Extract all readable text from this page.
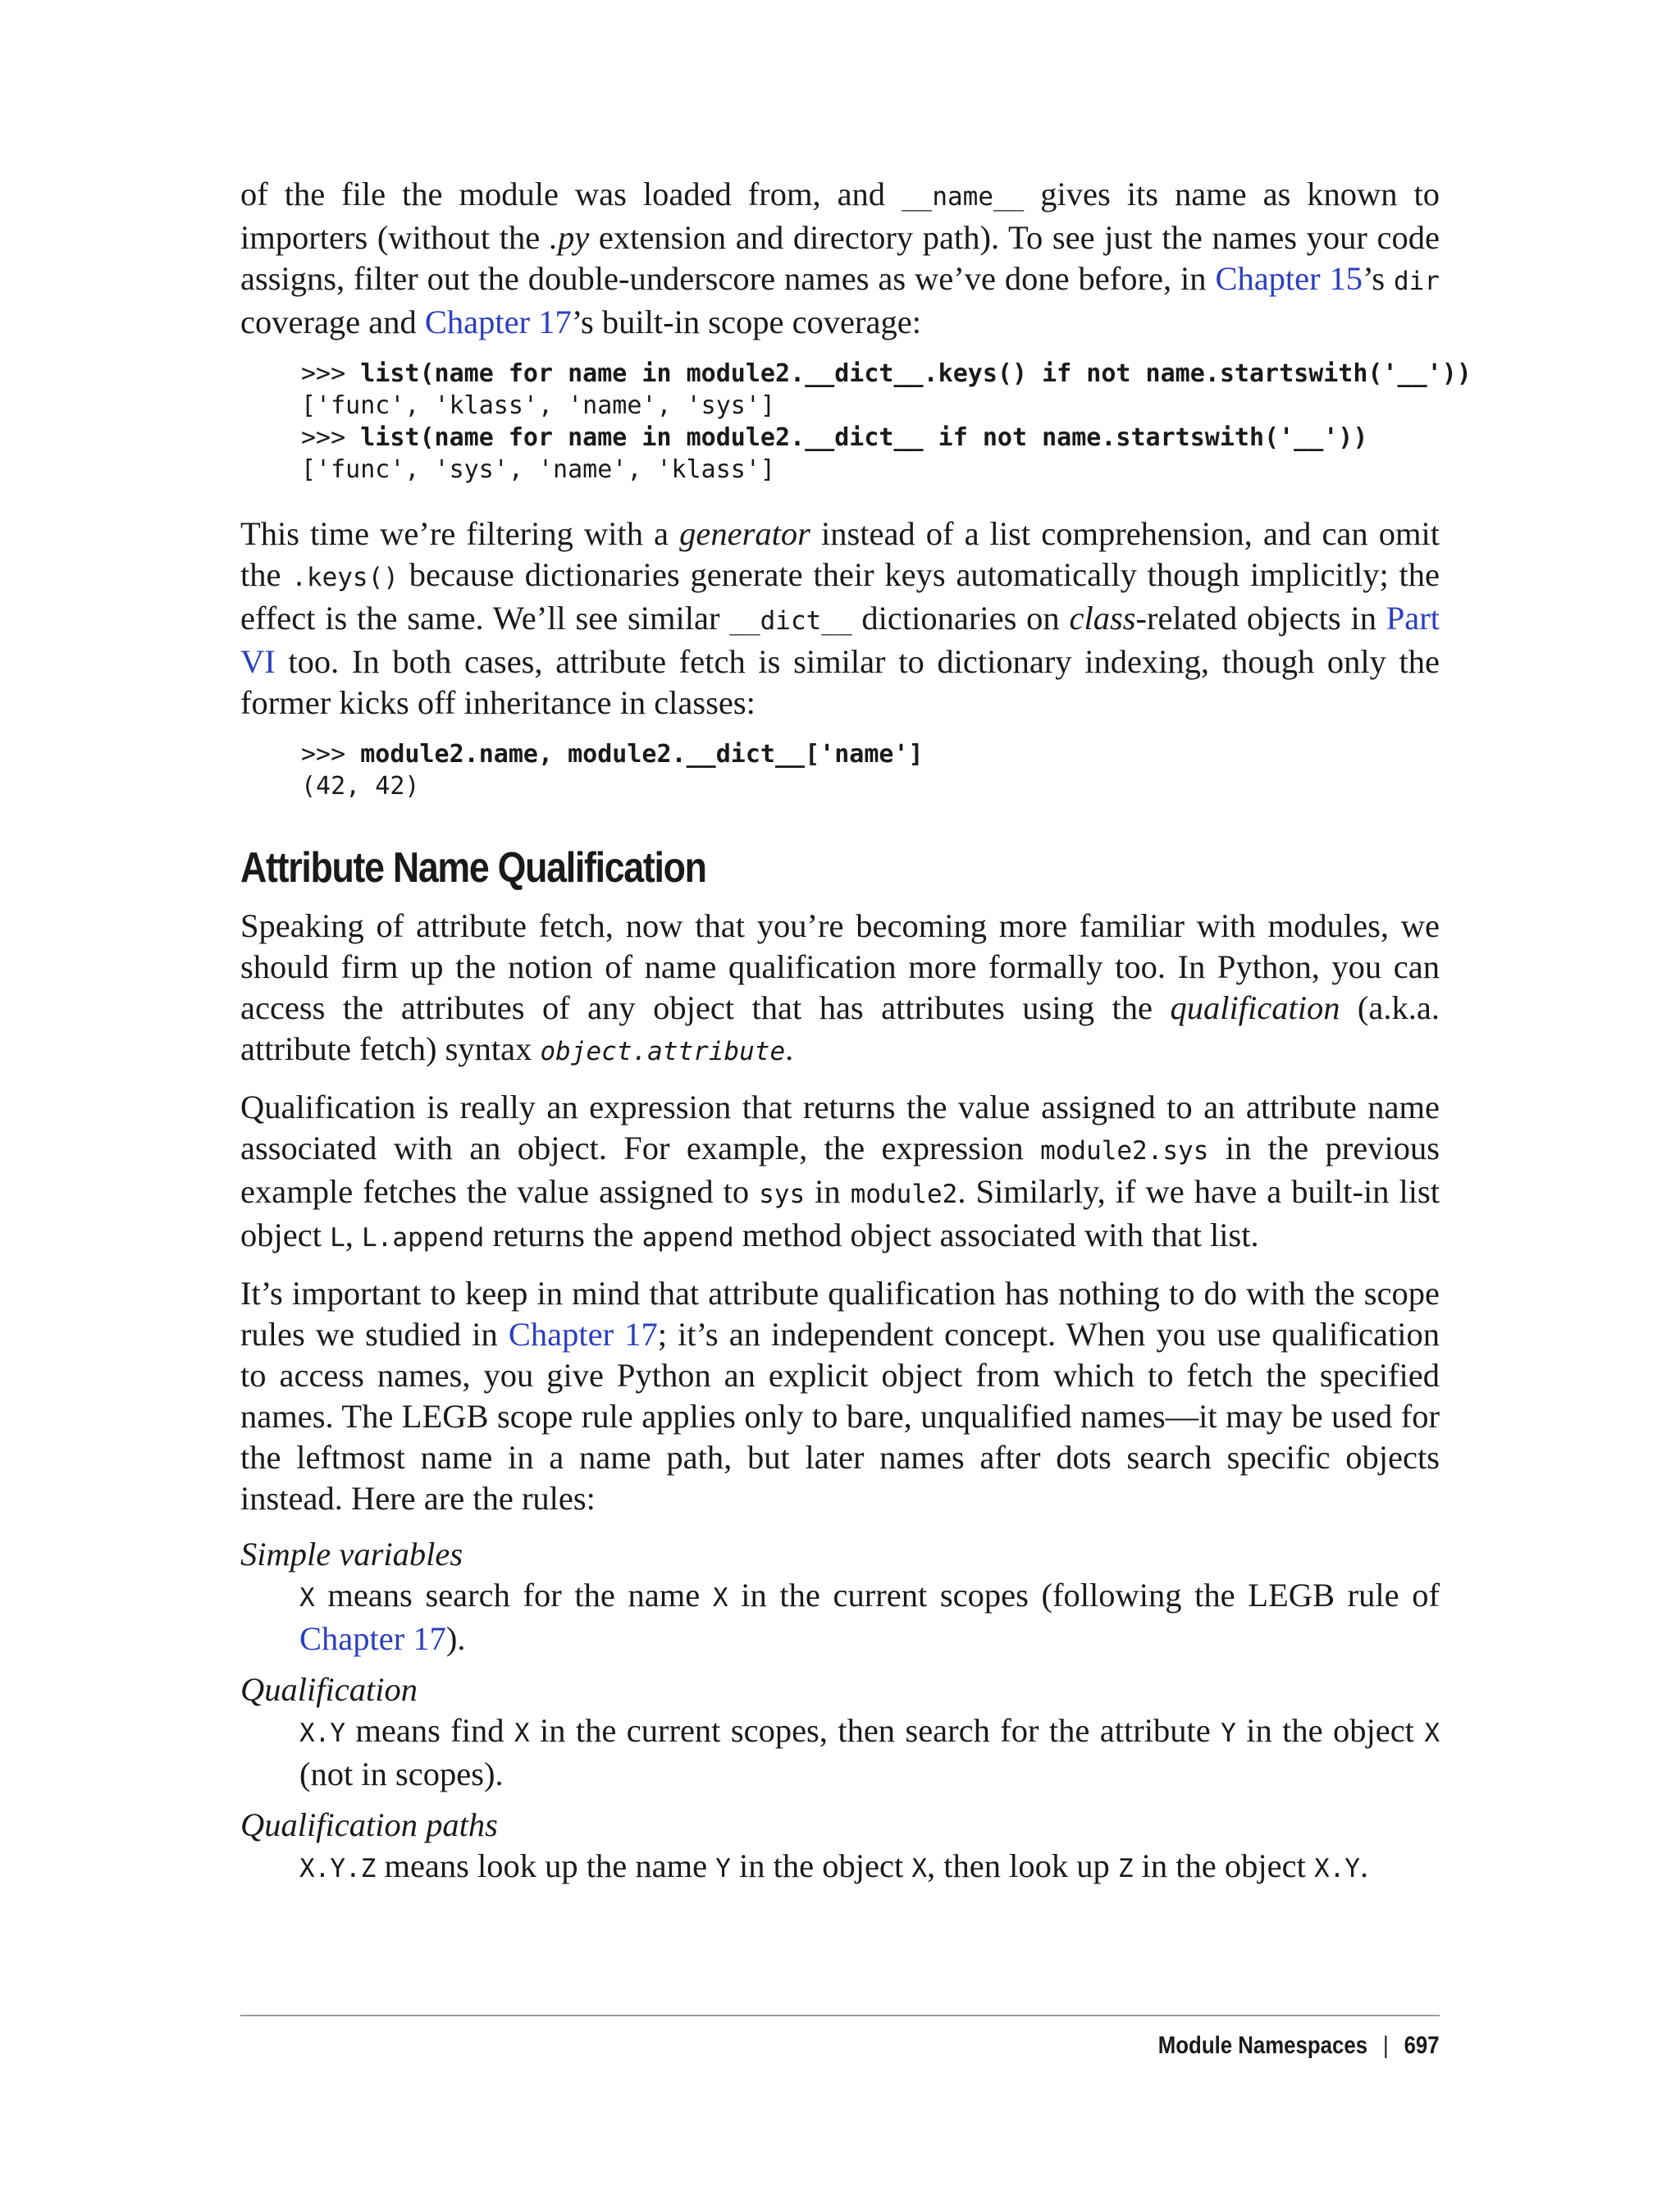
of the file the module was loaded from, and __name__ gives its name as known to importers (without the .py extension and directory path). To see just the names your code assigns, filter out the double-underscore names as we’ve done before, in Chapter 15’s dir coverage and Chapter 17’s built-in scope coverage:

>>> list(name for name in module2.__dict__.keys() if not name.startswith('__'))
['func', 'klass', 'name', 'sys']
>>> list(name for name in module2.__dict__ if not name.startswith('__'))
['func', 'sys', 'name', 'klass']

This time we’re filtering with a generator instead of a list comprehension, and can omit the .keys() because dictionaries generate their keys automatically though implicitly; the effect is the same. We’ll see similar __dict__ dictionaries on class-related objects in Part VI too. In both cases, attribute fetch is similar to dictionary indexing, though only the former kicks off inheritance in classes:

>>> module2.name, module2.__dict__['name']
(42, 42)
Attribute Name Qualification

Speaking of attribute fetch, now that you’re becoming more familiar with modules, we should firm up the notion of name qualification more formally too. In Python, you can access the attributes of any object that has attributes using the qualification (a.k.a. attribute fetch) syntax object.attribute.

Qualification is really an expression that returns the value assigned to an attribute name associated with an object. For example, the expression module2.sys in the previous example fetches the value assigned to sys in module2. Similarly, if we have a built-in list object L, L.append returns the append method object associated with that list.

It’s important to keep in mind that attribute qualification has nothing to do with the scope rules we studied in Chapter 17; it’s an independent concept. When you use qualification to access names, you give Python an explicit object from which to fetch the specified names. The LEGB scope rule applies only to bare, unqualified names—it may be used for the leftmost name in a name path, but later names after dots search specific objects instead. Here are the rules:

Simple variables
X means search for the name X in the current scopes (following the LEGB rule of Chapter 17).
Qualification
X.Y means find X in the current scopes, then search for the attribute Y in the object X (not in scopes).
Qualification paths
X.Y.Z means look up the name Y in the object X, then look up Z in the object X.Y.
Module Namespaces | 697
